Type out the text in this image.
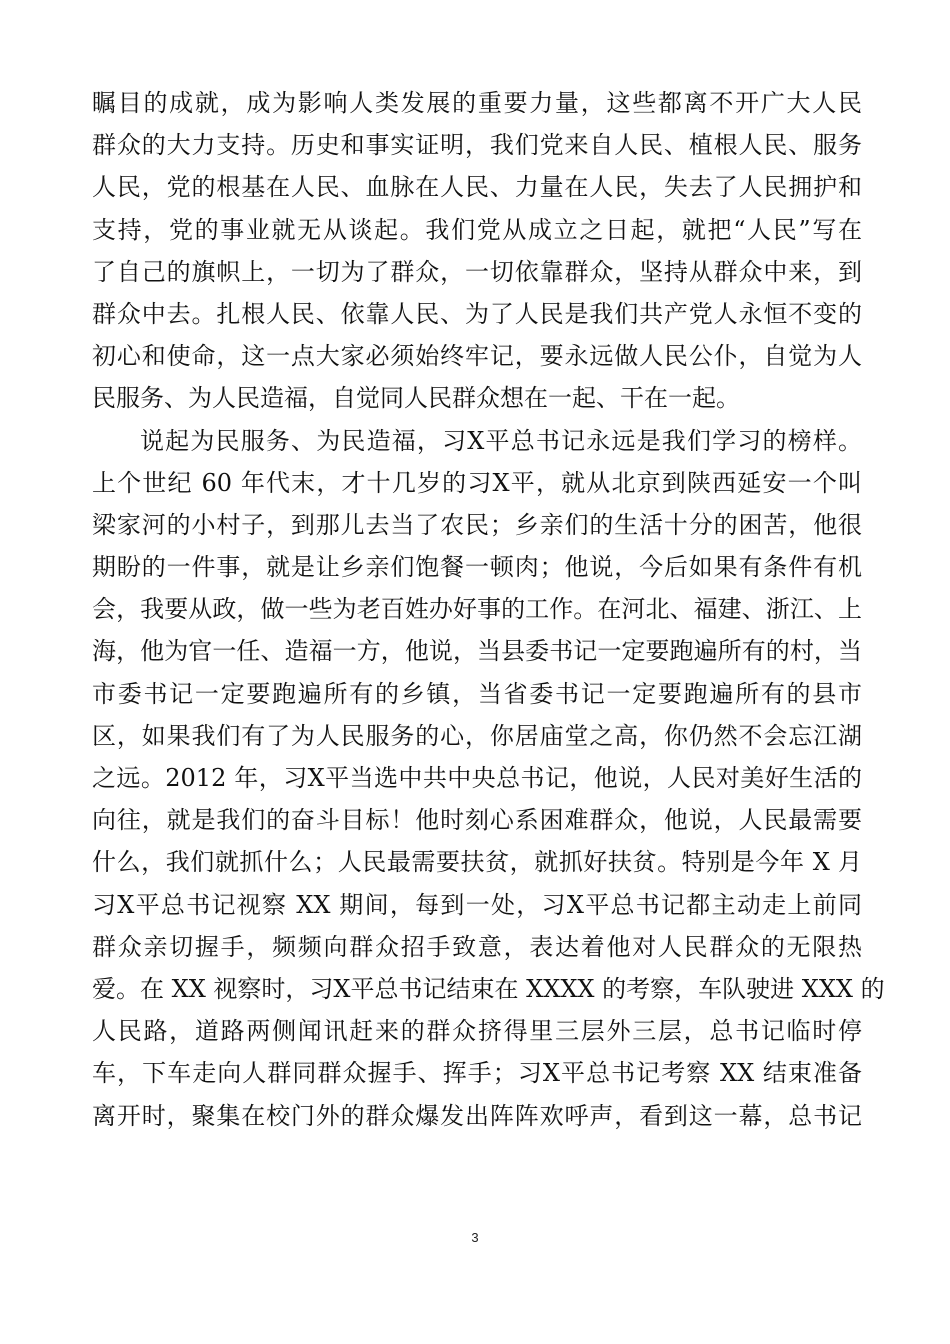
瞩目的成就，成为影响人类发展的重要力量，这些都离不开广大人民
群众的大力支持。历史和事实证明，我们党来自人民、植根人民、服务
人民，党的根基在人民、血脉在人民、力量在人民，失去了人民拥护和
支持，党的事业就无从谈起。我们党从成立之日起，就把“人民”写在
了自己的旗帜上，一切为了群众，一切依靠群众，坚持从群众中来，到
群众中去。扎根人民、依靠人民、为了人民是我们共产党人永恒不变的
初心和使命，这一点大家必须始终牢记，要永远做人民公仆，自觉为人
民服务、为人民造福，自觉同人民群众想在一起、干在一起。
说起为民服务、为民造福，习X平总书记永远是我们学习的榜样。
上个世纪 60 年代末，才十几岁的习X平，就从北京到陕西延安一个叫
梁家河的小村子，到那儿去当了农民；乡亲们的生活十分的困苦，他很
期盼的一件事，就是让乡亲们饱餐一顿肉；他说，今后如果有条件有机
会，我要从政，做一些为老百姓办好事的工作。在河北、福建、浙江、上
海，他为官一任、造福一方，他说，当县委书记一定要跑遍所有的村，当
市委书记一定要跑遍所有的乡镇，当省委书记一定要跑遍所有的县市
区，如果我们有了为人民服务的心，你居庙堂之高，你仍然不会忘江湖
之远。2012 年，习X平当选中共中央总书记，他说，人民对美好生活的
向往，就是我们的奋斗目标！他时刻心系困难群众，他说，人民最需要
什么，我们就抓什么；人民最需要扶贫，就抓好扶贫。特别是今年 X 月
习X平总书记视察 XX 期间，每到一处，习X平总书记都主动走上前同
群众亲切握手，频频向群众招手致意，表达着他对人民群众的无限热
爱。在 XX 视察时，习X平总书记结束在 XXXX 的考察，车队驶进 XXX 的
人民路，道路两侧闻讯赶来的群众挤得里三层外三层，总书记临时停
车，下车走向人群同群众握手、挥手；习X平总书记考察 XX 结束准备
离开时，聚集在校门外的群众爆发出阵阵欢呼声，看到这一幕，总书记
3
